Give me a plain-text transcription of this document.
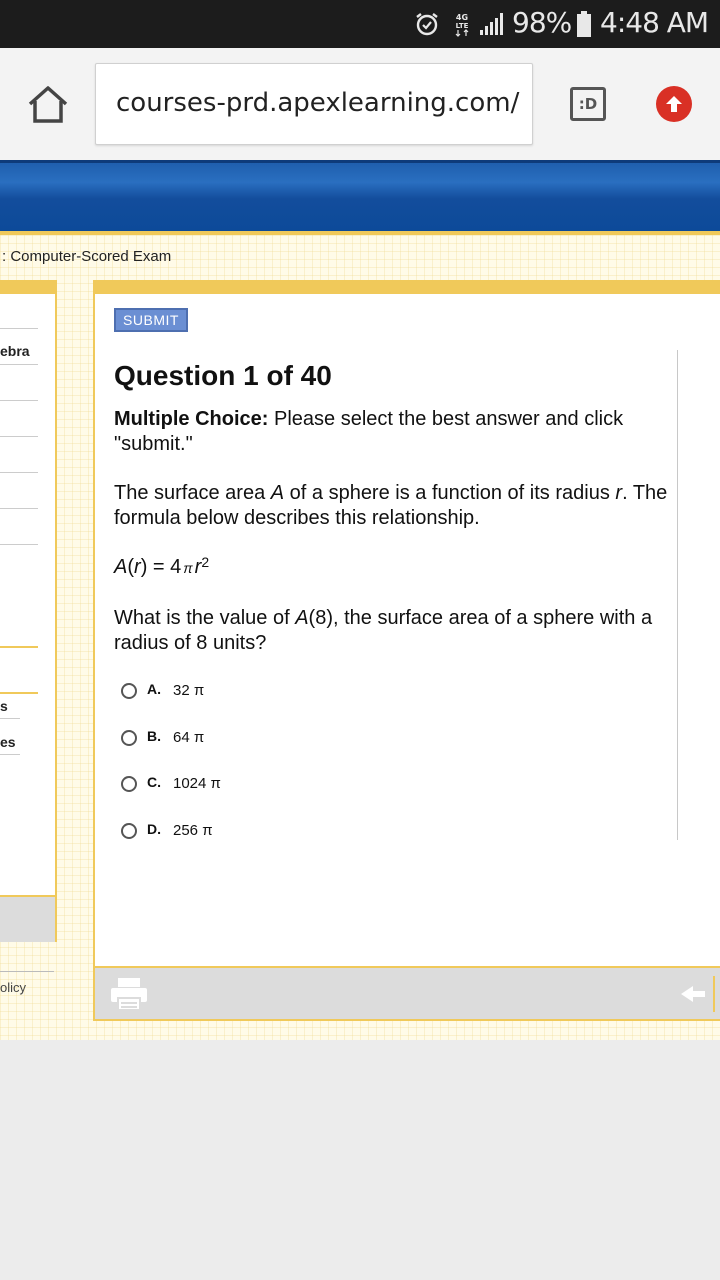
4G
LTE 98% 4:48 AM
courses-prd.apexlearning.com/	:D
: Computer-Scored Exam
ebra
s
es
olicy
SUBMIT
Question 1 of 40
Multiple Choice: Please select the best answer and click "submit."
The surface area A of a sphere is a function of its radius r. The formula below describes this relationship.
A(r) = 4 π $r^2$
What is the value of A(8), the surface area of a sphere with a radius of 8 units?
A. 32 π
B. 64 π
C. 1024 π
D. 256 π
